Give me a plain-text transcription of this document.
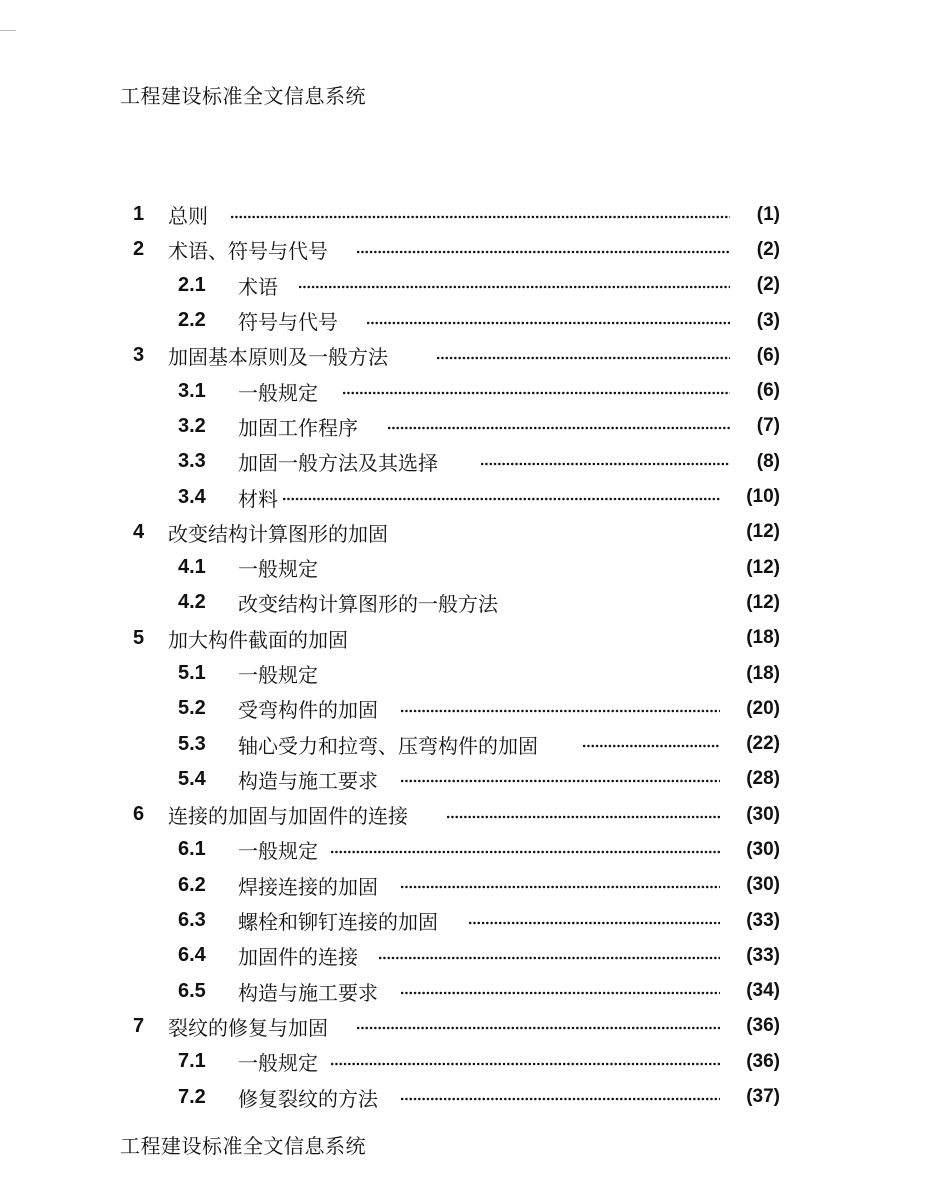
工程建设标准全文信息系统
1 总则	(1)
2 术语、符号与代号	(2)
2.1 术语	(2)
2.2 符号与代号	(3)
3 加固基本原则及一般方法	(6)
3.1 一般规定	(6)
3.2 加固工作程序	(7)
3.3 加固一般方法及其选择	(8)
3.4 材料	(10)
4 改变结构计算图形的加固	(12)
4.1 一般规定	(12)
4.2 改变结构计算图形的一般方法	(12)
5 加大构件截面的加固	(18)
5.1 一般规定	(18)
5.2 受弯构件的加固	(20)
5.3 轴心受力和拉弯、压弯构件的加固	(22)
5.4 构造与施工要求	(28)
6 连接的加固与加固件的连接	(30)
6.1 一般规定	(30)
6.2 焊接连接的加固	(30)
6.3 螺栓和铆钉连接的加固	(33)
6.4 加固件的连接	(33)
6.5 构造与施工要求	(34)
7 裂纹的修复与加固	(36)
7.1 一般规定	(36)
7.2 修复裂纹的方法	(37)
工程建设标准全文信息系统
